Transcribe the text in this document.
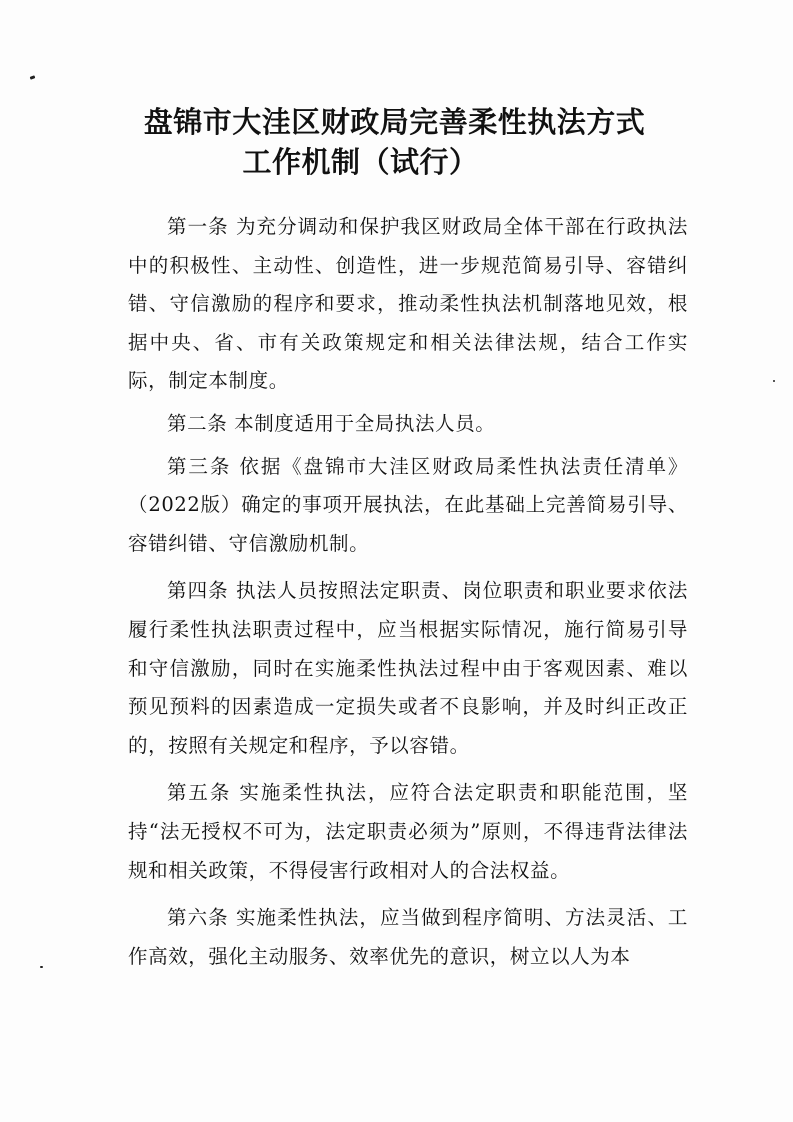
盘锦市大洼区财政局完善柔性执法方式
工作机制（试行）

第一条 为充分调动和保护我区财政局全体干部在行政执法中的积极性、主动性、创造性，进一步规范简易引导、容错纠错、守信激励的程序和要求，推动柔性执法机制落地见效，根据中央、省、市有关政策规定和相关法律法规，结合工作实际，制定本制度。

第二条 本制度适用于全局执法人员。

第三条 依据《盘锦市大洼区财政局柔性执法责任清单》（2022版）确定的事项开展执法，在此基础上完善简易引导、容错纠错、守信激励机制。

第四条 执法人员按照法定职责、岗位职责和职业要求依法履行柔性执法职责过程中，应当根据实际情况，施行简易引导和守信激励，同时在实施柔性执法过程中由于客观因素、难以预见预料的因素造成一定损失或者不良影响，并及时纠正改正的，按照有关规定和程序，予以容错。

第五条 实施柔性执法，应符合法定职责和职能范围，坚持“法无授权不可为，法定职责必须为”原则，不得违背法律法规和相关政策，不得侵害行政相对人的合法权益。

第六条 实施柔性执法，应当做到程序简明、方法灵活、工作高效，强化主动服务、效率优先的意识，树立以人为本
